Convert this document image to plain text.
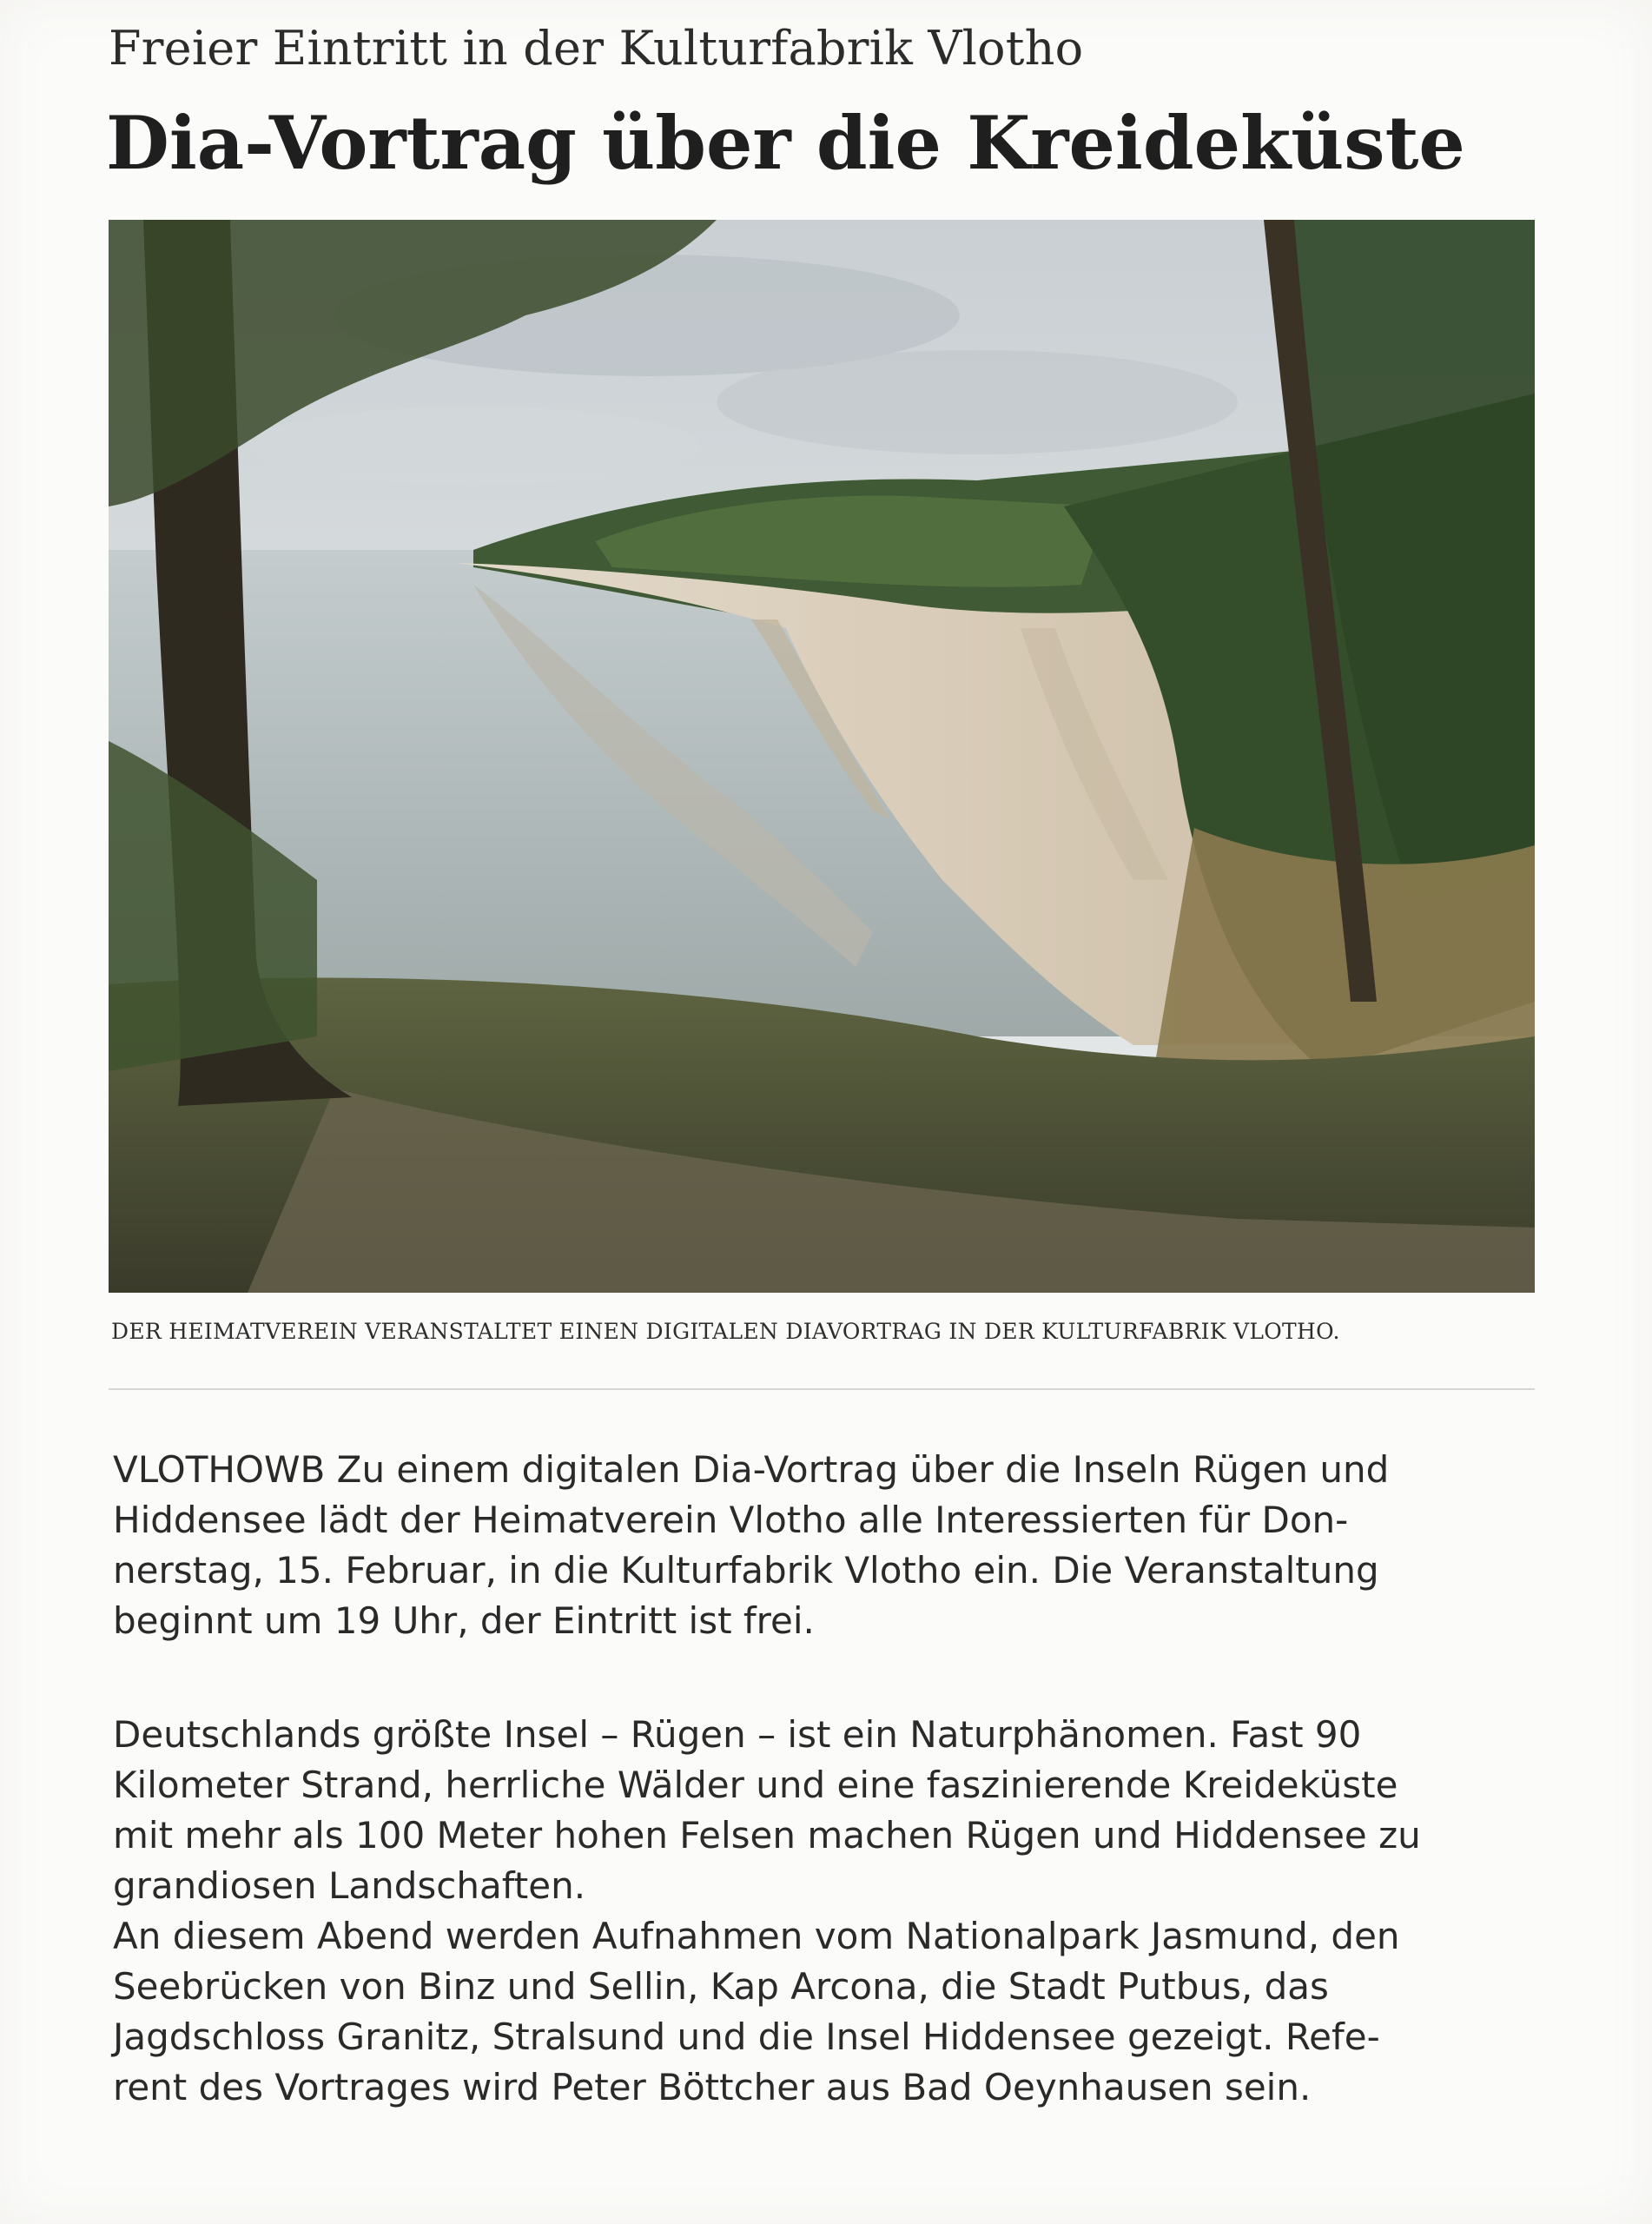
Freier Eintritt in der Kulturfabrik Vlotho
Dia-Vortrag über die Kreideküste
DER HEIMATVEREIN VERANSTALTET EINEN DIGITALEN DIAVORTRAG IN DER KULTURFABRIK VLOTHO.
VLOTHOWB Zu einem digitalen Dia-Vortrag über die Inseln Rügen und
Hiddensee lädt der Heimatverein Vlotho alle Interessierten für Don-
nerstag, 15. Februar, in die Kulturfabrik Vlotho ein. Die Veranstaltung
beginnt um 19 Uhr, der Eintritt ist frei.
Deutschlands größte Insel – Rügen – ist ein Naturphänomen. Fast 90
Kilometer Strand, herrliche Wälder und eine faszinierende Kreideküste
mit mehr als 100 Meter hohen Felsen machen Rügen und Hiddensee zu
grandiosen Landschaften.
An diesem Abend werden Aufnahmen vom Nationalpark Jasmund, den
Seebrücken von Binz und Sellin, Kap Arcona, die Stadt Putbus, das
Jagdschloss Granitz, Stralsund und die Insel Hiddensee gezeigt. Refe-
rent des Vortrages wird Peter Böttcher aus Bad Oeynhausen sein.
